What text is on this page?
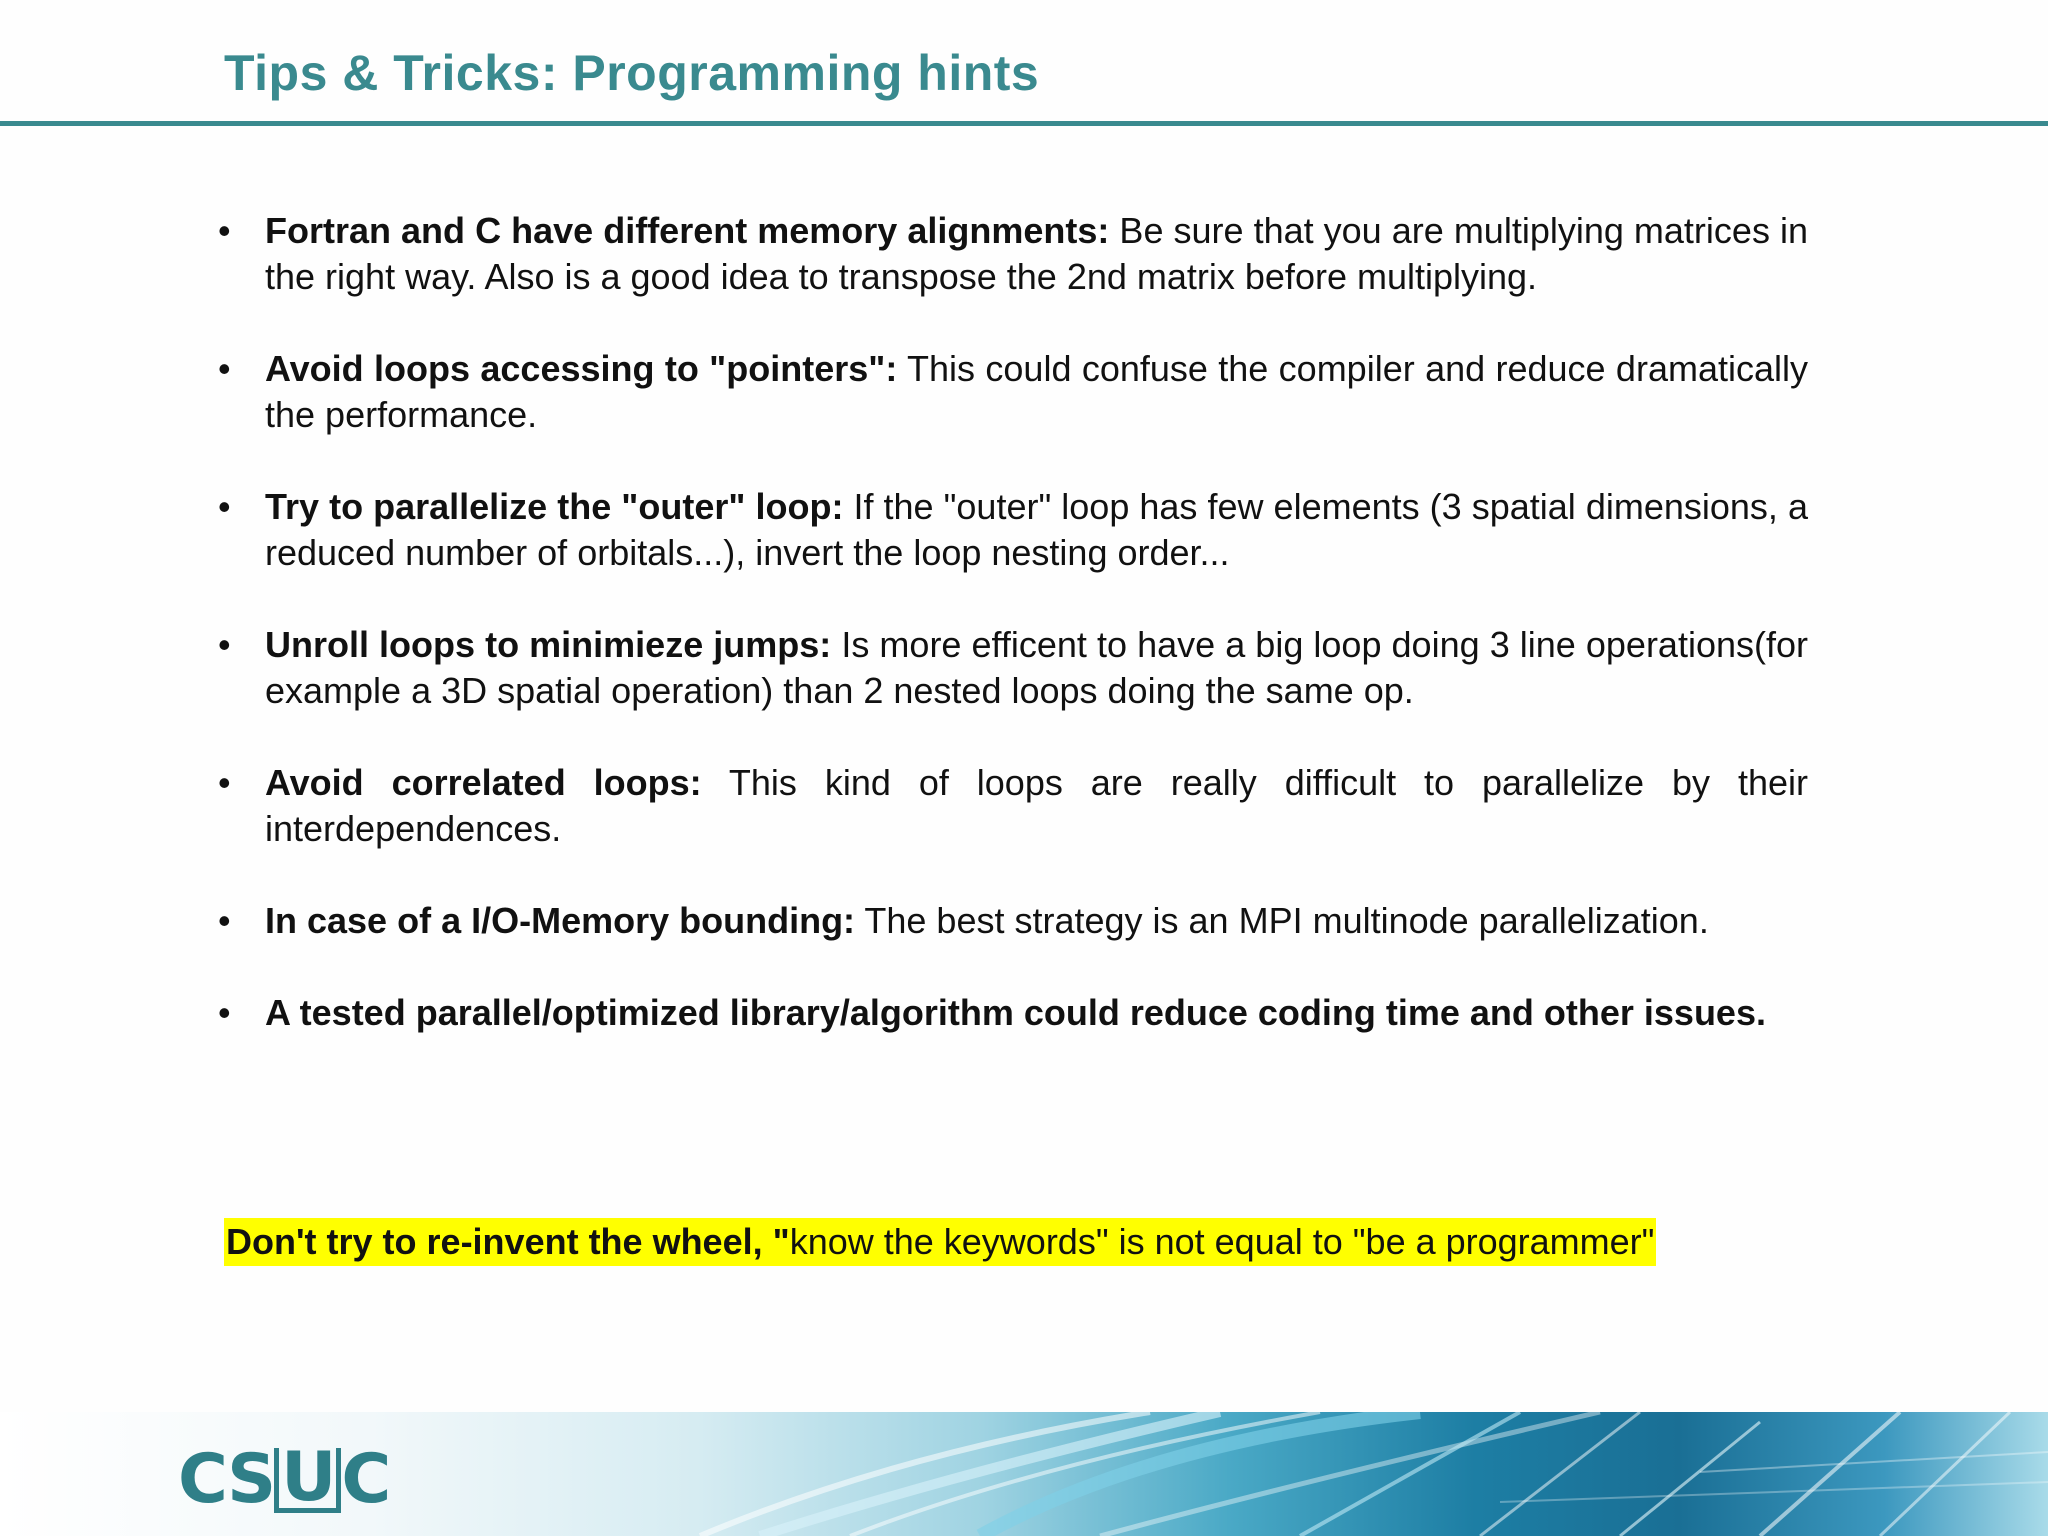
Tips & Tricks: Programming hints
• Fortran and C have different memory alignments: Be sure that you are multiplying matrices in the right way. Also is a good idea to transpose the 2nd matrix before multiplying.
• Avoid loops accessing to "pointers": This could confuse the compiler and reduce dramatically the performance.
• Try to parallelize the "outer" loop: If the "outer" loop has few elements (3 spatial dimensions, a reduced number of orbitals...), invert the loop nesting order...
• Unroll loops to minimieze jumps: Is more efficent to have a big loop doing 3 line operations(for example a 3D spatial operation) than 2 nested loops doing the same op.
• Avoid correlated loops: This kind of loops are really difficult to parallelize by their interdependences.
• In case of a I/O-Memory bounding: The best strategy is an MPI multinode parallelization.
• A tested parallel/optimized library/algorithm could reduce coding time and other issues.
Don't try to re-invent the wheel, "know the keywords" is not equal to "be a programmer"
CS U C
